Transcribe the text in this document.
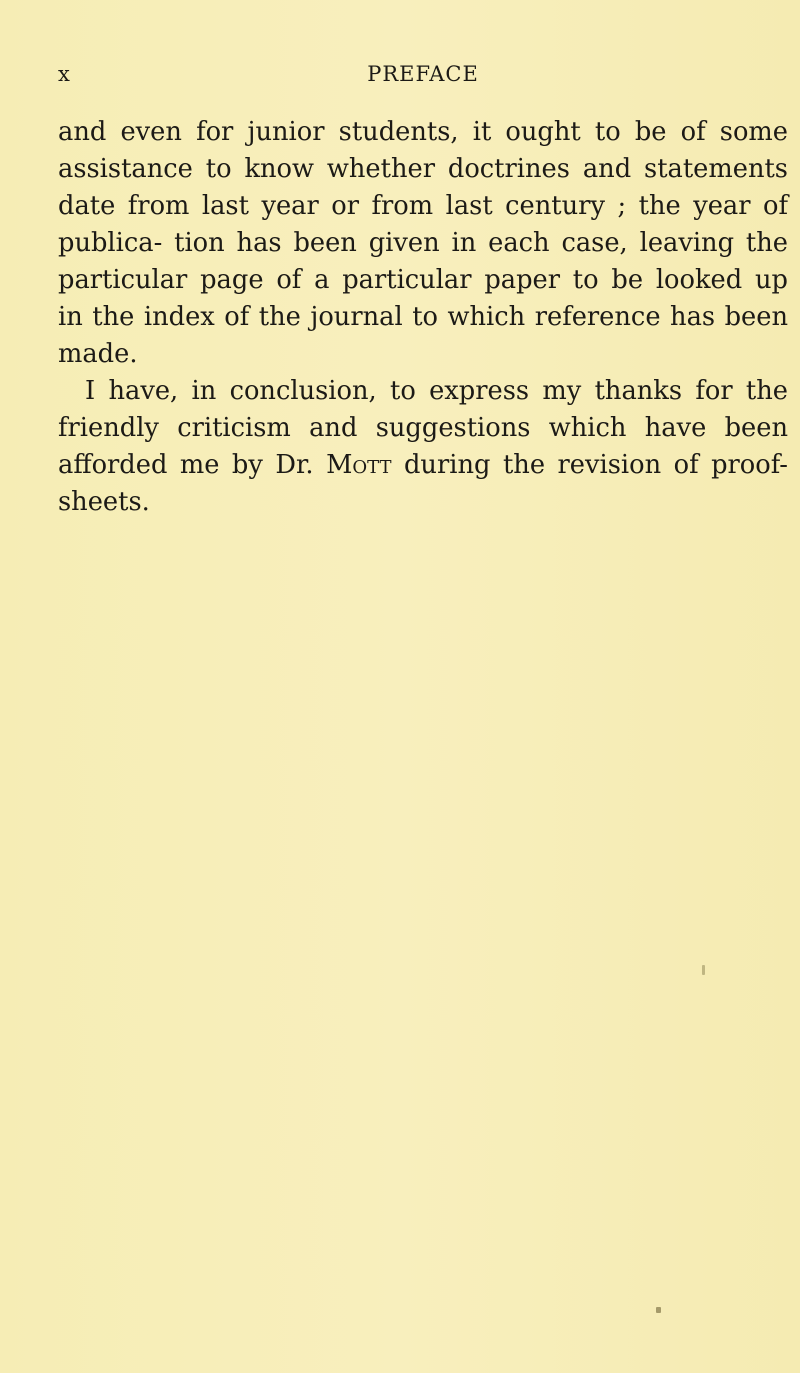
x	PREFACE

and even for junior students, it ought to be of some assistance to know whether doctrines and statements date from last year or from last century ; the year of publica- tion has been given in each case, leaving the particular page of a particular paper to be looked up in the index of the journal to which reference has been made.

I have, in conclusion, to express my thanks for the friendly criticism and suggestions which have been afforded me by Dr. Mott during the revision of proof- sheets.
